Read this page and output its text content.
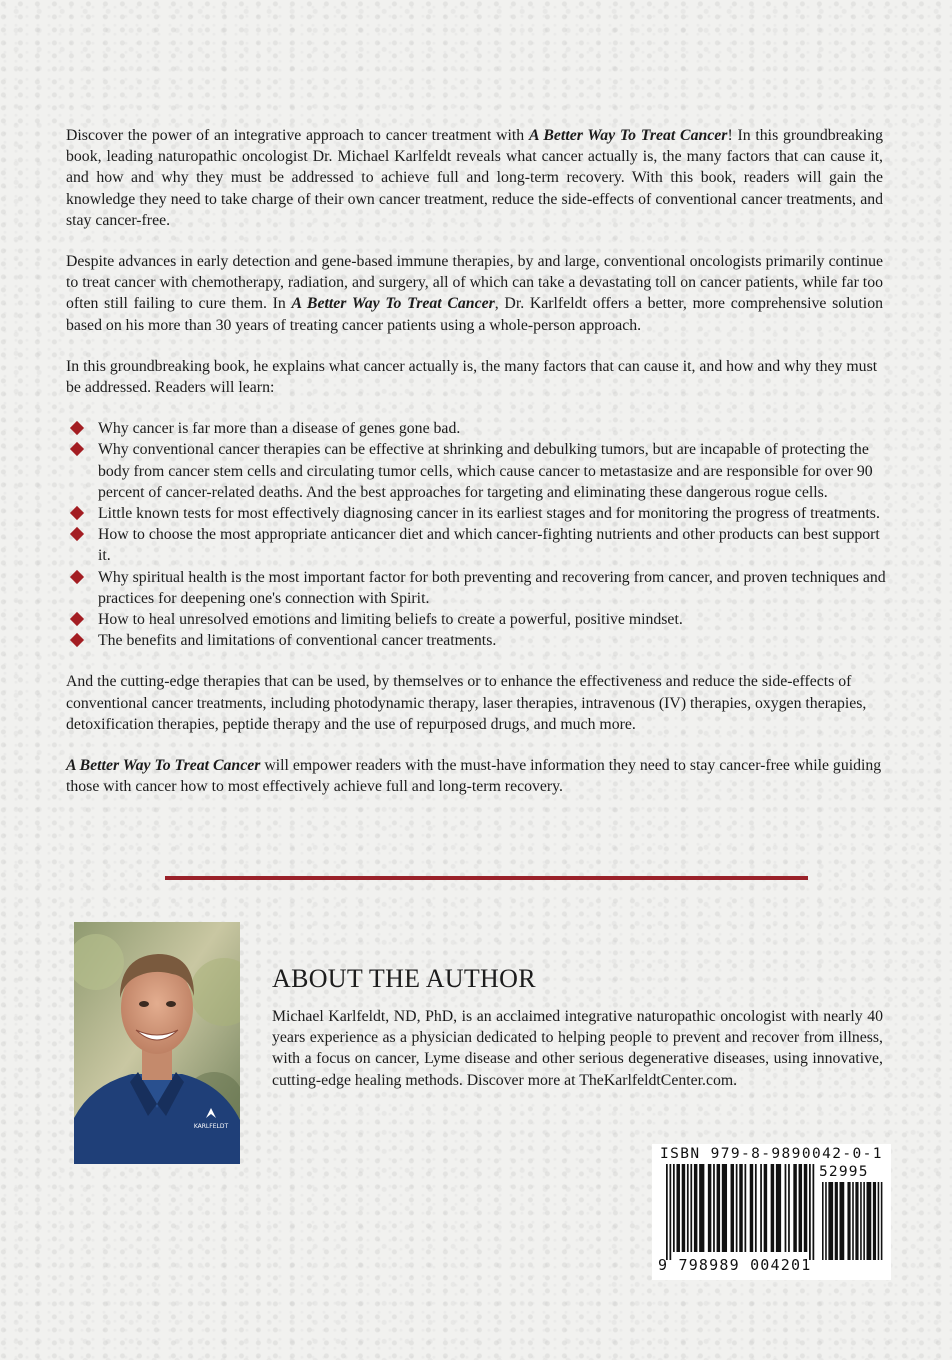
Discover the power of an integrative approach to cancer treatment with A Better Way To Treat Cancer! In this groundbreaking book, leading naturopathic oncologist Dr. Michael Karlfeldt reveals what cancer actually is, the many factors that can cause it, and how and why they must be addressed to achieve full and long-term recovery. With this book, readers will gain the knowledge they need to take charge of their own cancer treatment, reduce the side-effects of conventional cancer treatments, and stay cancer-free.

Despite advances in early detection and gene-based immune therapies, by and large, conventional oncologists primarily continue to treat cancer with chemotherapy, radiation, and surgery, all of which can take a devastating toll on cancer patients, while far too often still failing to cure them. In A Better Way To Treat Cancer, Dr. Karlfeldt offers a better, more comprehensive solution based on his more than 30 years of treating cancer patients using a whole-person approach.

In this groundbreaking book, he explains what cancer actually is, the many factors that can cause it, and how and why they must be addressed. Readers will learn:

Why cancer is far more than a disease of genes gone bad.
Why conventional cancer therapies can be effective at shrinking and debulking tumors, but are incapable of protecting the body from cancer stem cells and circulating tumor cells, which cause cancer to metastasize and are responsible for over 90 percent of cancer-related deaths. And the best approaches for targeting and eliminating these dangerous rogue cells.
Little known tests for most effectively diagnosing cancer in its earliest stages and for monitoring the progress of treatments.
How to choose the most appropriate anticancer diet and which cancer-fighting nutrients and other products can best support it.
Why spiritual health is the most important factor for both preventing and recovering from cancer, and proven techniques and practices for deepening one's connection with Spirit.
How to heal unresolved emotions and limiting beliefs to create a powerful, positive mindset.
The benefits and limitations of conventional cancer treatments.

And the cutting-edge therapies that can be used, by themselves or to enhance the effectiveness and reduce the side-effects of conventional cancer treatments, including photodynamic therapy, laser therapies, intravenous (IV) therapies, oxygen therapies, detoxification therapies, peptide therapy and the use of repurposed drugs, and much more.

A Better Way To Treat Cancer will empower readers with the must-have information they need to stay cancer-free while guiding those with cancer how to most effectively achieve full and long-term recovery.

KARLFELDT
ABOUT THE AUTHOR

Michael Karlfeldt, ND, PhD, is an acclaimed integrative naturopathic oncologist with nearly 40 years experience as a physician dedicated to helping people to prevent and recover from illness, with a focus on cancer, Lyme disease and other serious degenerative diseases, using innovative, cutting-edge healing methods. Discover more at TheKarlfeldtCenter.com.

ISBN 979-8-9890042-0-1
52995
9 798989 004201
